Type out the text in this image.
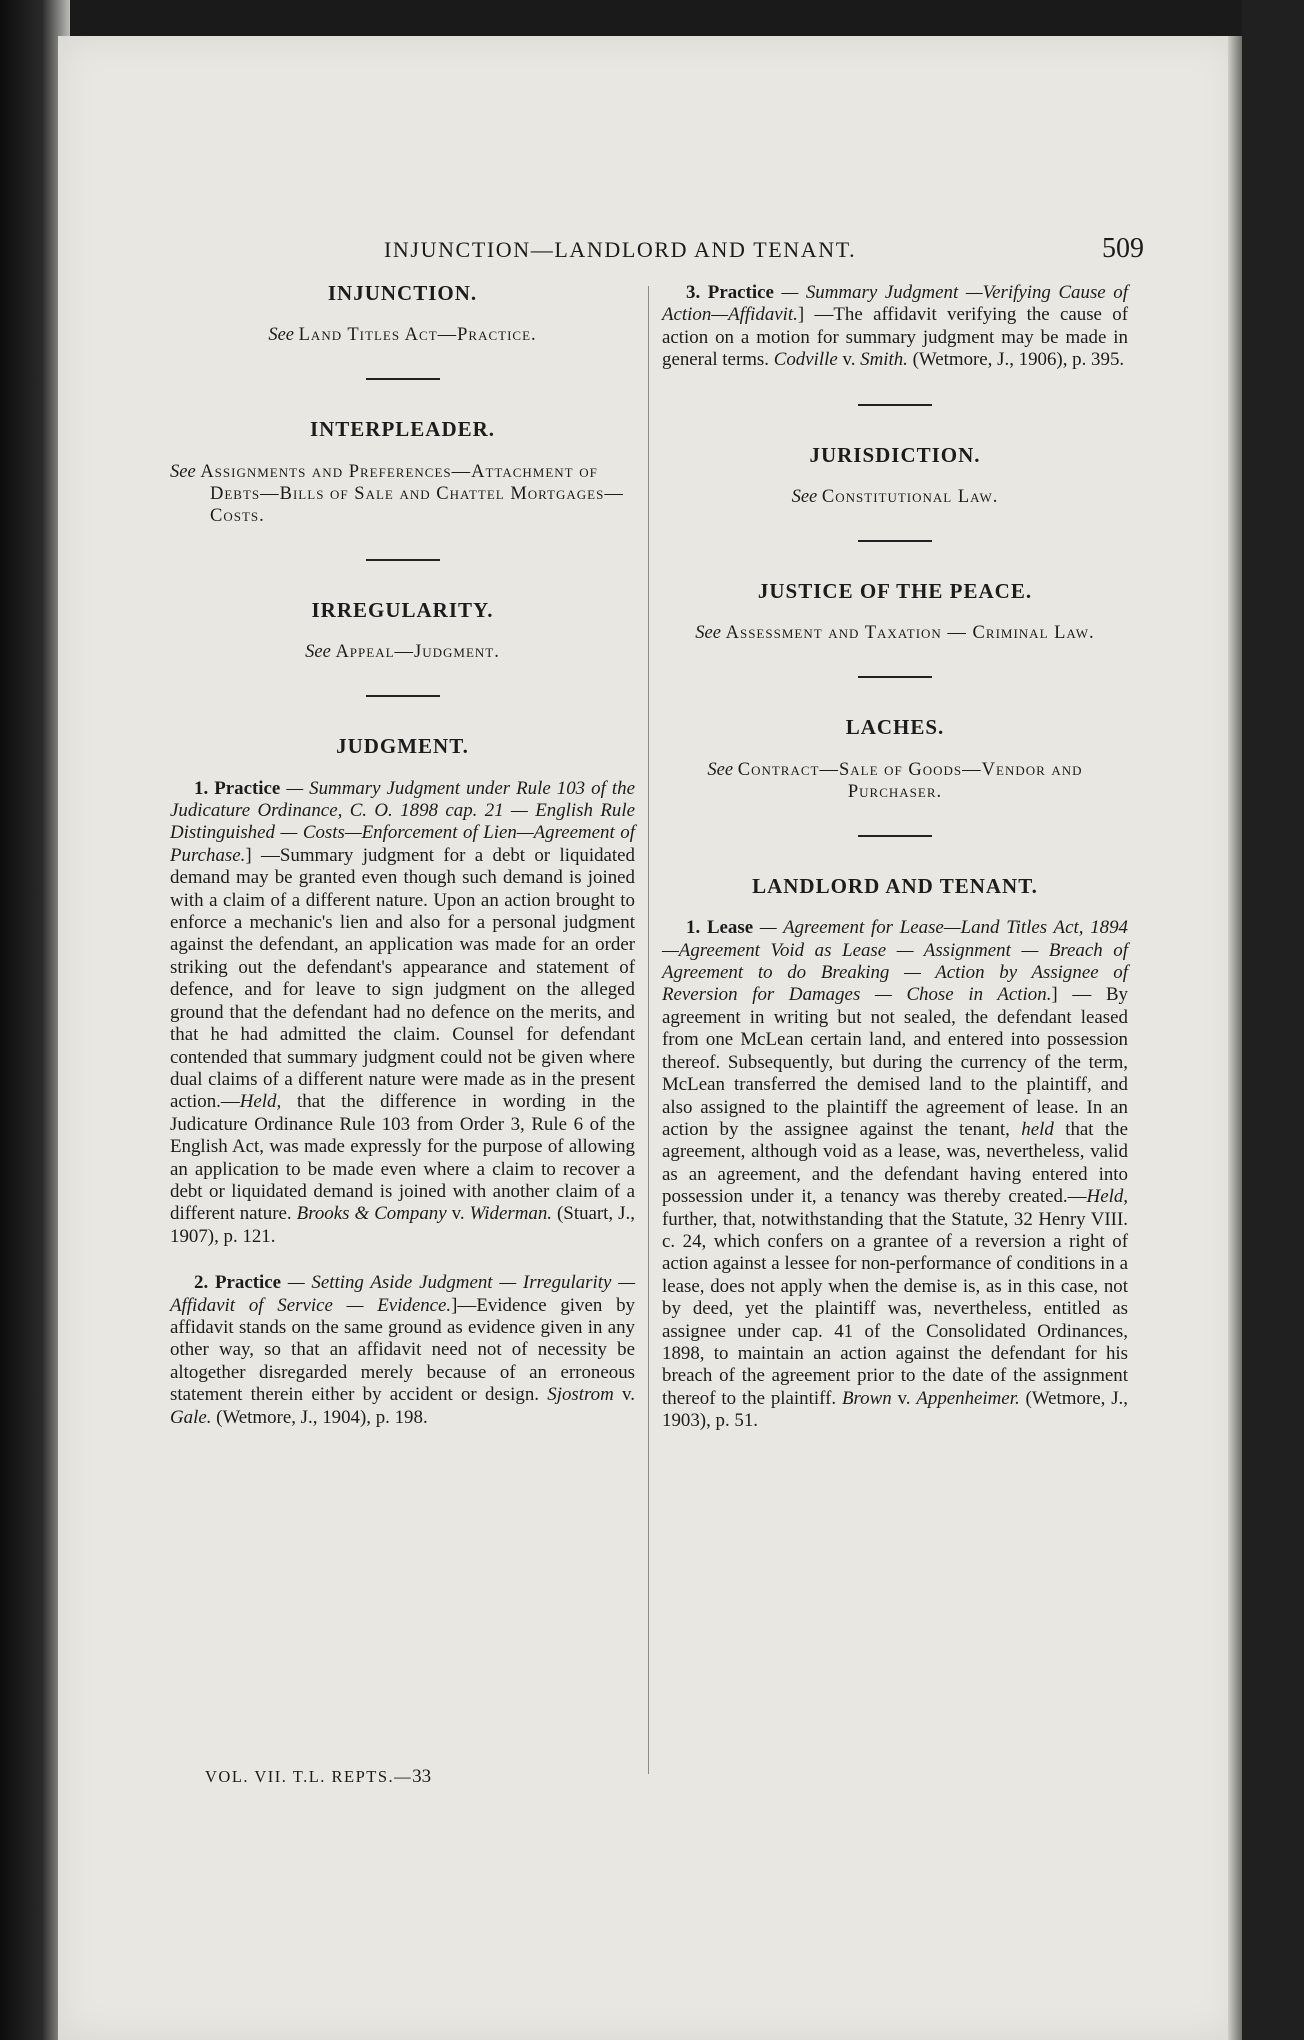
INJUNCTION—LANDLORD AND TENANT.	509
INJUNCTION.

See Land Titles Act—Practice.

INTERPLEADER.

See Assignments and Preferences—Attachment of Debts—Bills of Sale and Chattel Mortgages—Costs.

IRREGULARITY.

See Appeal—Judgment.

JUDGMENT.

1. Practice — Summary Judgment under Rule 103 of the Judicature Ordinance, C. O. 1898 cap. 21 — English Rule Distinguished — Costs—Enforcement of Lien—Agreement of Purchase.] —Summary judgment for a debt or liquidated demand may be granted even though such demand is joined with a claim of a different nature. Upon an action brought to enforce a mechanic's lien and also for a personal judgment against the defendant, an application was made for an order striking out the defendant's appearance and statement of defence, and for leave to sign judgment on the alleged ground that the defendant had no defence on the merits, and that he had admitted the claim. Counsel for defendant contended that summary judgment could not be given where dual claims of a different nature were made as in the present action.—Held, that the difference in wording in the Judicature Ordinance Rule 103 from Order 3, Rule 6 of the English Act, was made expressly for the purpose of allowing an application to be made even where a claim to recover a debt or liquidated demand is joined with another claim of a different nature. Brooks & Company v. Widerman. (Stuart, J., 1907), p. 121.

2. Practice — Setting Aside Judgment — Irregularity — Affidavit of Service — Evidence.]—Evidence given by affidavit stands on the same ground as evidence given in any other way, so that an affidavit need not of necessity be altogether disregarded merely because of an erroneous statement therein either by accident or design. Sjostrom v. Gale. (Wetmore, J., 1904), p. 198.

3. Practice — Summary Judgment —Verifying Cause of Action—Affidavit.] —The affidavit verifying the cause of action on a motion for summary judgment may be made in general terms. Codville v. Smith. (Wetmore, J., 1906), p. 395.

JURISDICTION.

See Constitutional Law.

JUSTICE OF THE PEACE.

See Assessment and Taxation — Criminal Law.

LACHES.

See Contract—Sale of Goods—Vendor and Purchaser.

LANDLORD AND TENANT.

1. Lease — Agreement for Lease—Land Titles Act, 1894—Agreement Void as Lease — Assignment — Breach of Agreement to do Breaking — Action by Assignee of Reversion for Damages — Chose in Action.] — By agreement in writing but not sealed, the defendant leased from one McLean certain land, and entered into possession thereof. Subsequently, but during the currency of the term, McLean transferred the demised land to the plaintiff, and also assigned to the plaintiff the agreement of lease. In an action by the assignee against the tenant, held that the agreement, although void as a lease, was, nevertheless, valid as an agreement, and the defendant having entered into possession under it, a tenancy was thereby created.—Held, further, that, notwithstanding that the Statute, 32 Henry VIII. c. 24, which confers on a grantee of a reversion a right of action against a lessee for non-performance of conditions in a lease, does not apply when the demise is, as in this case, not by deed, yet the plaintiff was, nevertheless, entitled as assignee under cap. 41 of the Consolidated Ordinances, 1898, to maintain an action against the defendant for his breach of the agreement prior to the date of the assignment thereof to the plaintiff. Brown v. Appenheimer. (Wetmore, J., 1903), p. 51.

VOL. VII. T.L. REPTS.—33
